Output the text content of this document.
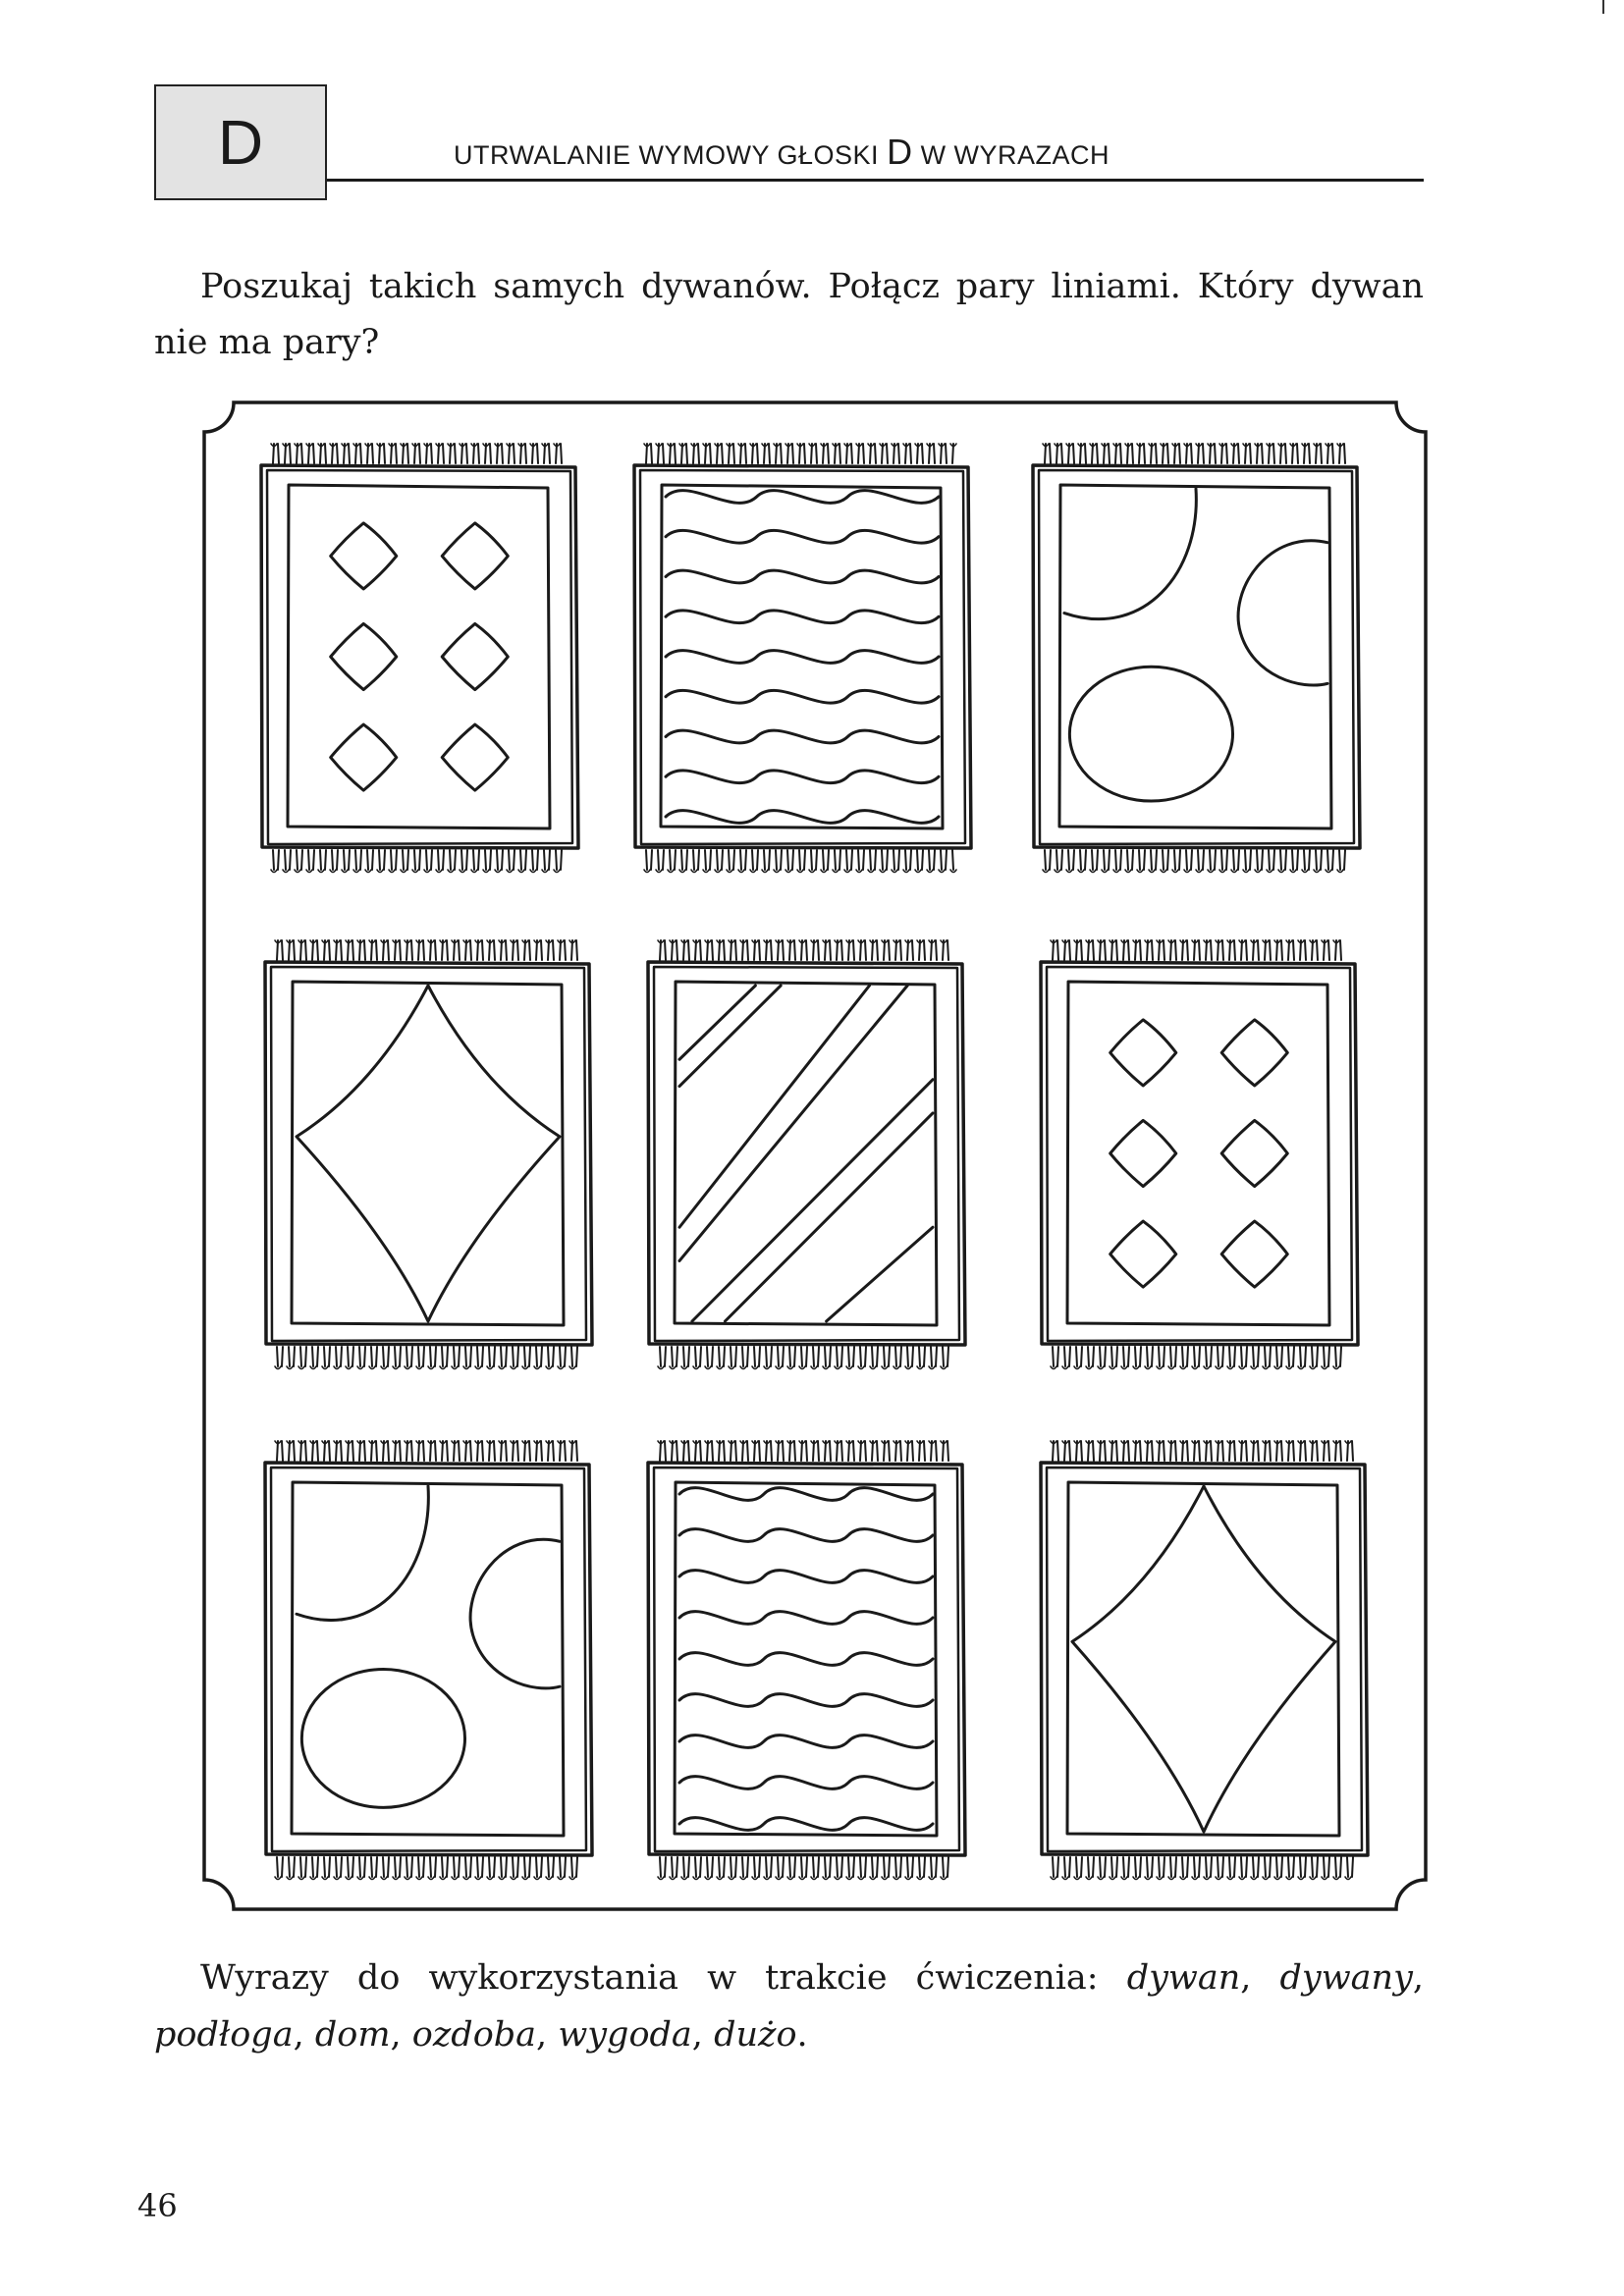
D	UTRWALANIE WYMOWY GŁOSKI D W WYRAZACH
Poszukaj takich samych dywanów. Połącz pary liniami. Który dywan nie ma pary?
Wyrazy do wykorzystania w trakcie ćwiczenia: dywan, dywany, podłoga, dom, ozdoba, wygoda, dużo.
46
